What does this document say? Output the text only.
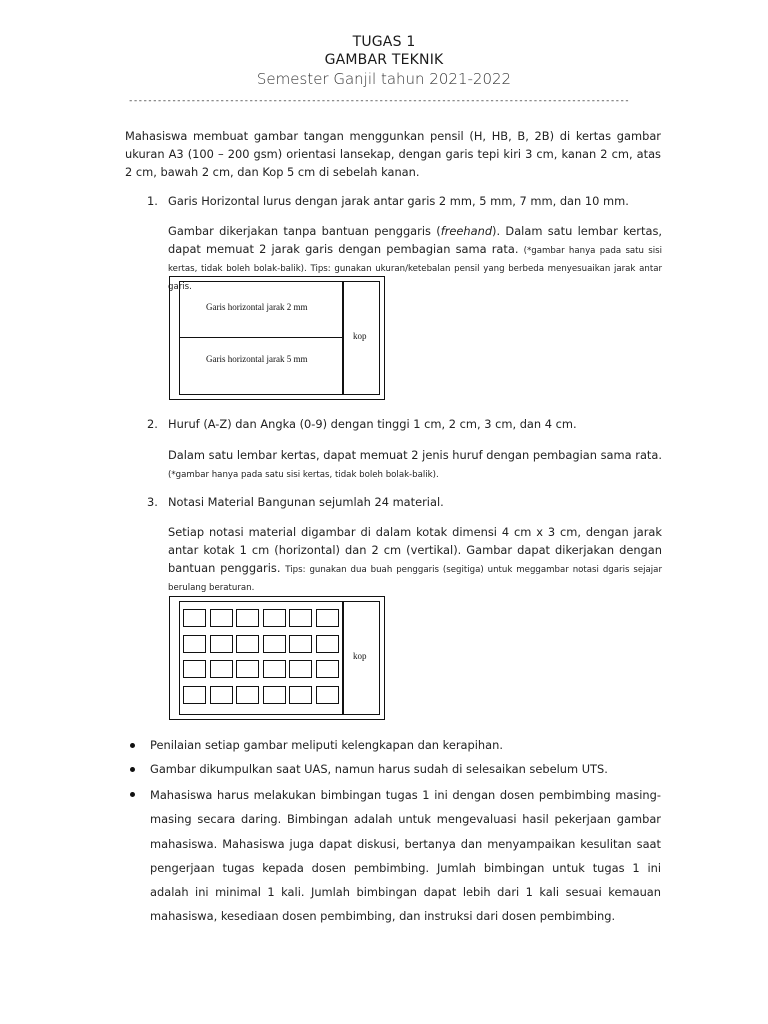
TUGAS 1
GAMBAR TEKNIK
Semester Ganjil tahun 2021-2022
--------------------------------------------------------------------------------------------------------
Mahasiswa membuat gambar tangan menggunkan pensil (H, HB, B, 2B) di kertas gambar ukuran A3 (100 – 200 gsm) orientasi lansekap, dengan garis tepi kiri 3 cm, kanan 2 cm, atas 2 cm, bawah 2 cm, dan Kop 5 cm di sebelah kanan.
1. Garis Horizontal lurus dengan jarak antar garis 2 mm, 5 mm, 7 mm, dan 10 mm.
Gambar dikerjakan tanpa bantuan penggaris (freehand). Dalam satu lembar kertas, dapat memuat 2 jarak garis dengan pembagian sama rata. (*gambar hanya pada satu sisi kertas, tidak boleh bolak-balik). Tips: gunakan ukuran/ketebalan pensil yang berbeda menyesuaikan jarak antar garis.
Garis horizontal jarak 2 mm
Garis horizontal jarak 5 mm
kop
2. Huruf (A-Z) dan Angka (0-9) dengan tinggi 1 cm, 2 cm, 3 cm, dan 4 cm.
Dalam satu lembar kertas, dapat memuat 2 jenis huruf dengan pembagian sama rata. (*gambar hanya pada satu sisi kertas, tidak boleh bolak-balik).
3. Notasi Material Bangunan sejumlah 24 material.
Setiap notasi material digambar di dalam kotak dimensi 4 cm x 3 cm, dengan jarak antar kotak 1 cm (horizontal) dan 2 cm (vertikal). Gambar dapat dikerjakan dengan bantuan penggaris. Tips: gunakan dua buah penggaris (segitiga) untuk meggambar notasi dgaris sejajar berulang beraturan.
kop
Penilaian setiap gambar meliputi kelengkapan dan kerapihan.
Gambar dikumpulkan saat UAS, namun harus sudah di selesaikan sebelum UTS.
Mahasiswa harus melakukan bimbingan tugas 1 ini dengan dosen pembimbing masing-masing secara daring. Bimbingan adalah untuk mengevaluasi hasil pekerjaan gambar mahasiswa. Mahasiswa juga dapat diskusi, bertanya dan menyampaikan kesulitan saat pengerjaan tugas kepada dosen pembimbing. Jumlah bimbingan untuk tugas 1 ini adalah ini minimal 1 kali. Jumlah bimbingan dapat lebih dari 1 kali sesuai kemauan mahasiswa, kesediaan dosen pembimbing, dan instruksi dari dosen pembimbing.
